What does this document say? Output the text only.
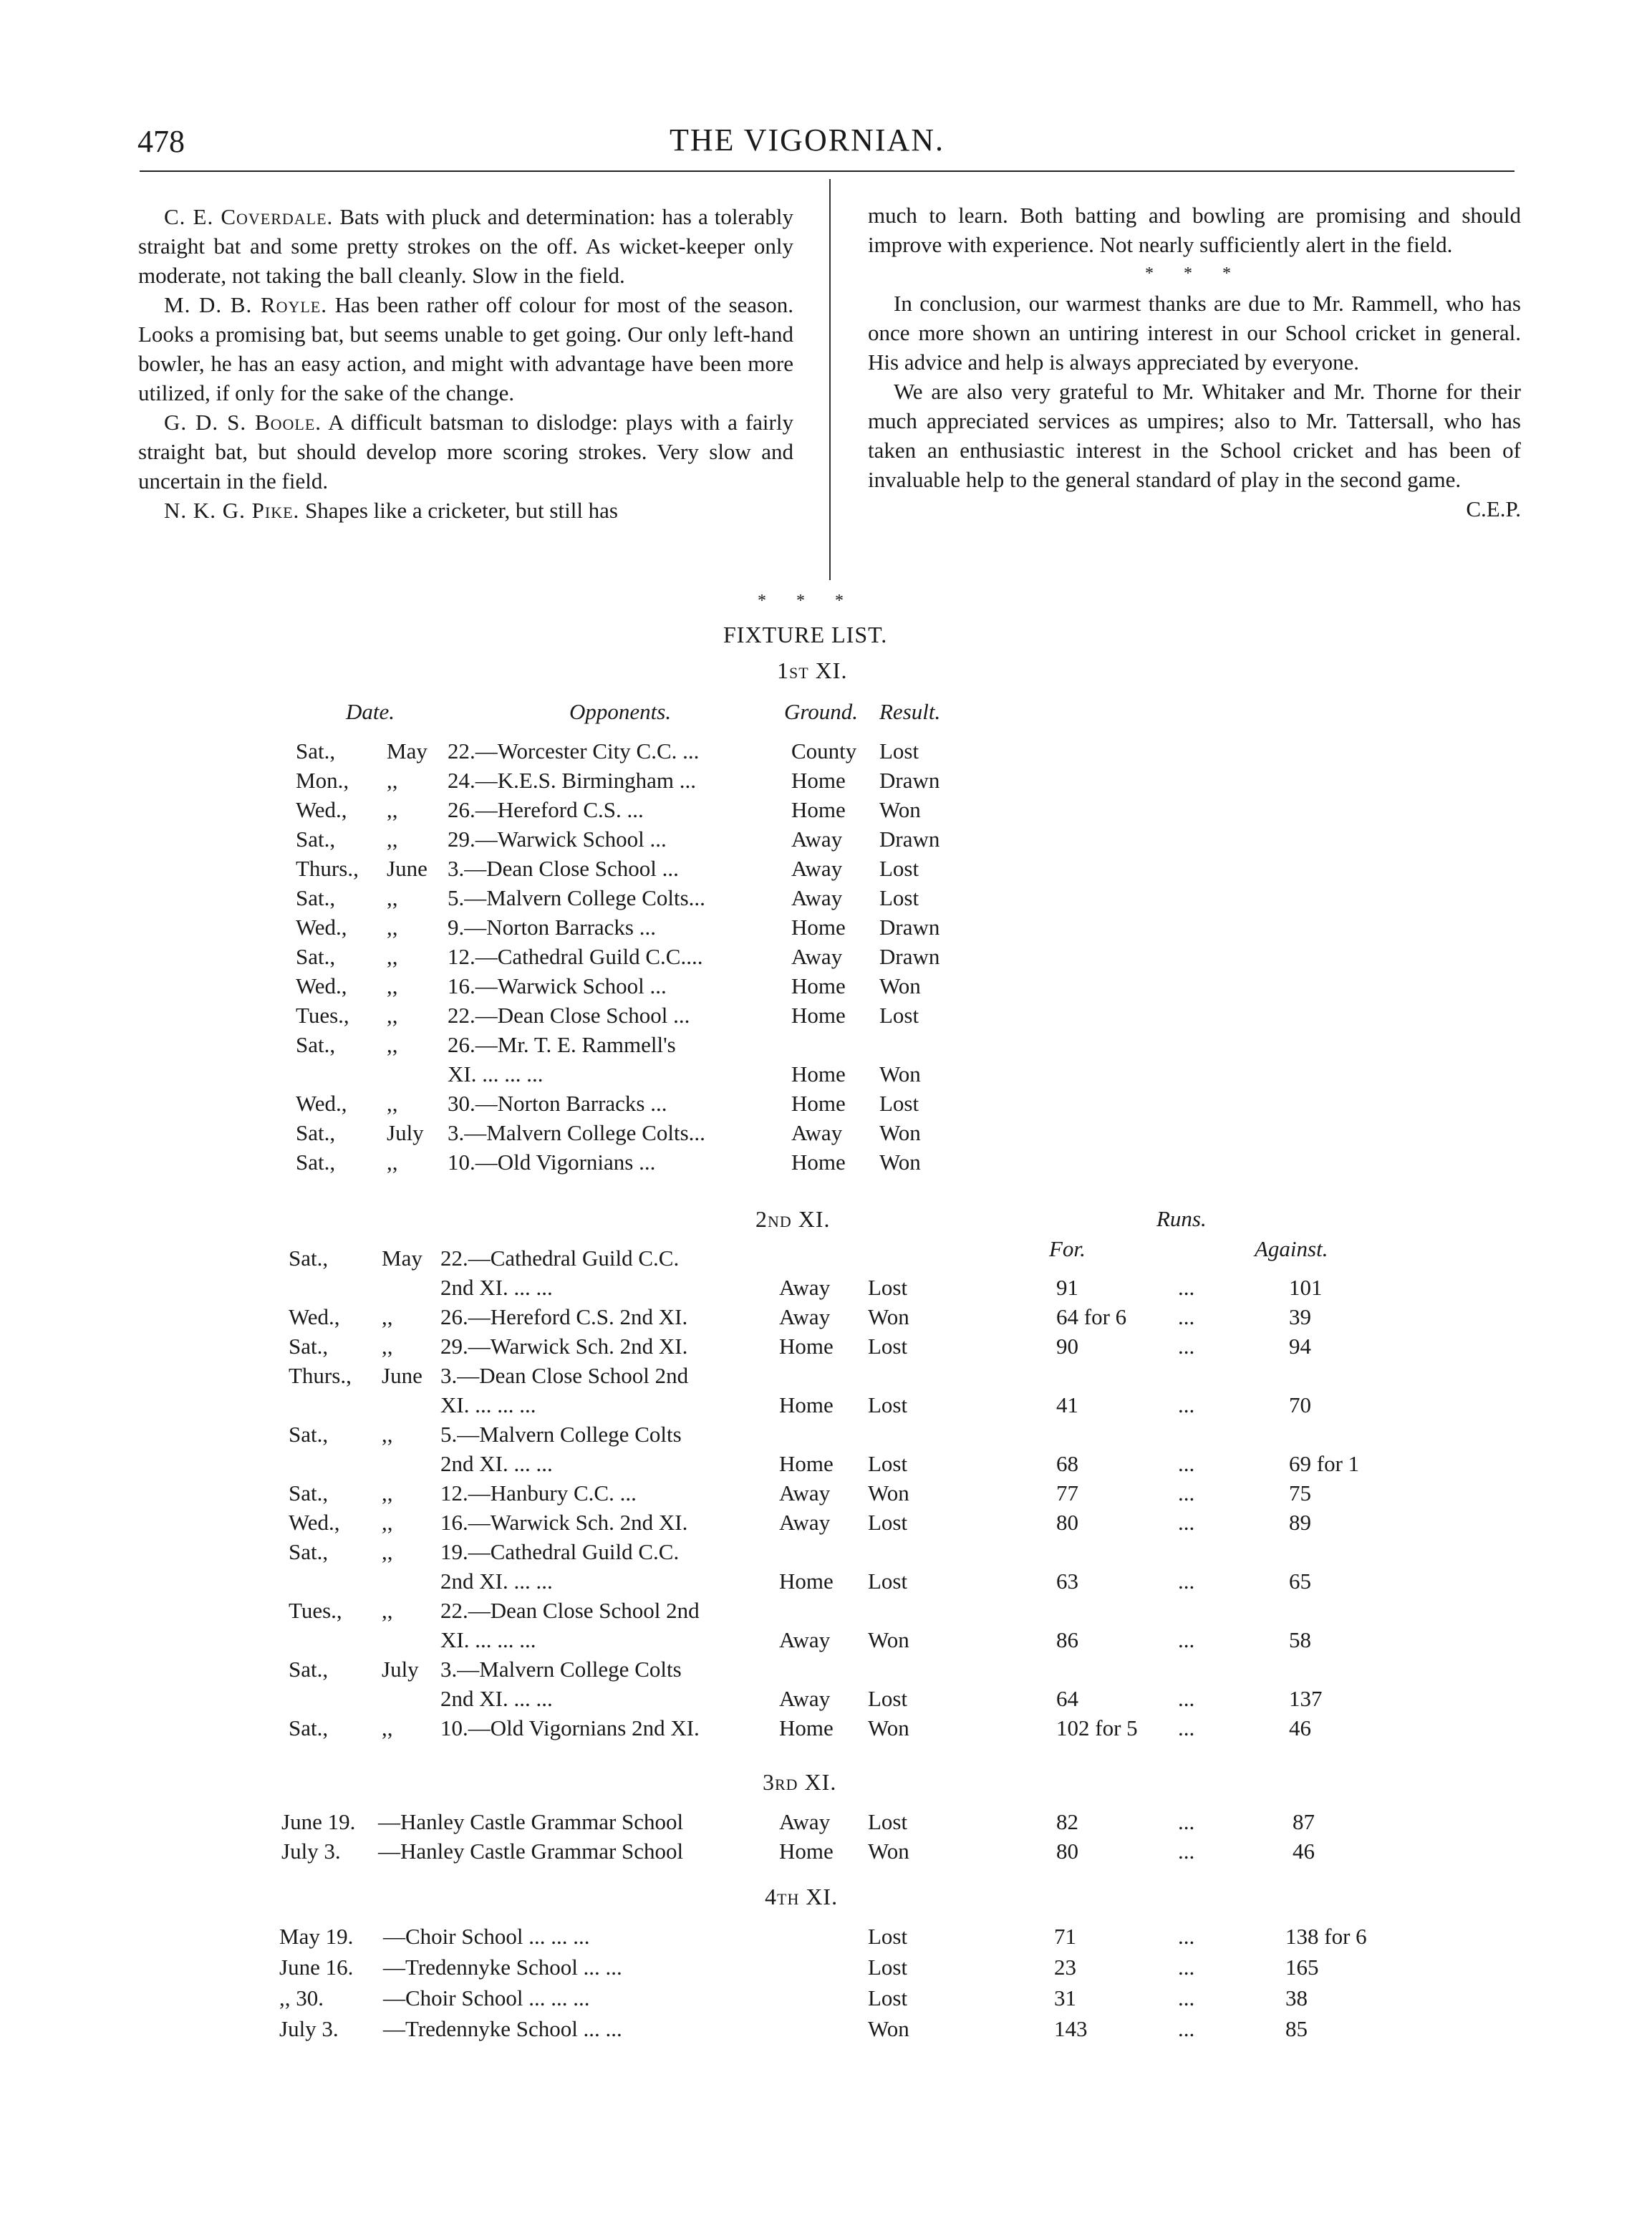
478	THE VIGORNIAN.

C. E. Coverdale. Bats with pluck and determination: has a tolerably straight bat and some pretty strokes on the off. As wicket-keeper only moderate, not taking the ball cleanly. Slow in the field.

M. D. B. Royle. Has been rather off colour for most of the season. Looks a promising bat, but seems unable to get going. Our only left-hand bowler, he has an easy action, and might with advantage have been more utilized, if only for the sake of the change.

G. D. S. Boole. A difficult batsman to dislodge: plays with a fairly straight bat, but should develop more scoring strokes. Very slow and uncertain in the field.

N. K. G. Pike. Shapes like a cricketer, but still has

much to learn. Both batting and bowling are promising and should improve with experience. Not nearly sufficiently alert in the field.

* * *

In conclusion, our warmest thanks are due to Mr. Rammell, who has once more shown an untiring interest in our School cricket in general. His advice and help is always appreciated by everyone.

We are also very grateful to Mr. Whitaker and Mr. Thorne for their much appreciated services as umpires; also to Mr. Tattersall, who has taken an enthusiastic interest in the School cricket and has been of invaluable help to the general standard of play in the second game.

C.E.P.

* * *
FIXTURE LIST.
1st XI.
Date.	Opponents.	Ground. Result.
Sat., May 22.—Worcester City C.C. ...	County Lost
Mon., ,, 24.—K.E.S. Birmingham ...	Home Drawn
Wed., ,, 26.—Hereford C.S. ...	Home Won
Sat., ,, 29.—Warwick School ...	Away Drawn
Thurs., June 3.—Dean Close School ...	Away Lost
Sat., ,, 5.—Malvern College Colts...	Away Lost
Wed., ,, 9.—Norton Barracks ...	Home Drawn
Sat., ,, 12.—Cathedral Guild C.C....	Away Drawn
Wed., ,, 16.—Warwick School ...	Home Won
Tues., ,, 22.—Dean Close School ...	Home Lost
Sat., ,, 26.—Mr. T. E. Rammell's
XI. ... ... ...	Home Won
Wed., ,, 30.—Norton Barracks ...	Home Lost
Sat., July 3.—Malvern College Colts...	Away Won
Sat., ,, 10.—Old Vigornians ...	Home Won
2nd XI.	Runs.
For.	Against.
Sat., May 22.—Cathedral Guild C.C.
2nd XI. ... ...	Away Lost	91	...	101
Wed., ,, 26.—Hereford C.S. 2nd XI.	Away Won	64 for 6 ...	39
Sat., ,, 29.—Warwick Sch. 2nd XI.	Home Lost	90	...	94
Thurs., June 3.—Dean Close School 2nd
XI. ... ... ...	Home Lost	41	...	70
Sat., ,, 5.—Malvern College Colts
2nd XI. ... ...	Home Lost	68	...	69 for 1
Sat., ,, 12.—Hanbury C.C. ...	Away Won	77	...	75
Wed., ,, 16.—Warwick Sch. 2nd XI.	Away Lost	80	...	89
Sat., ,, 19.—Cathedral Guild C.C.
2nd XI. ... ...	Home Lost	63	...	65
Tues., ,, 22.—Dean Close School 2nd
XI. ... ... ...	Away Won	86	...	58
Sat., July 3.—Malvern College Colts
2nd XI. ... ...	Away Lost	64	...	137
Sat., ,, 10.—Old Vigornians 2nd XI.	Home Won	102 for 5 ...	46
3rd XI.
June 19. —Hanley Castle Grammar School	Away Lost	82	...	87
July 3. —Hanley Castle Grammar School	Home Won	80	...	46
4th XI.
May 19. —Choir School ... ... ...	Lost	71	...	138 for 6
June 16. —Tredennyke School ... ...	Lost	23	...	165
,, 30.	—Choir School ... ... ...	Lost	31	...	38
July 3. —Tredennyke School ... ...	Won	143	...	85
